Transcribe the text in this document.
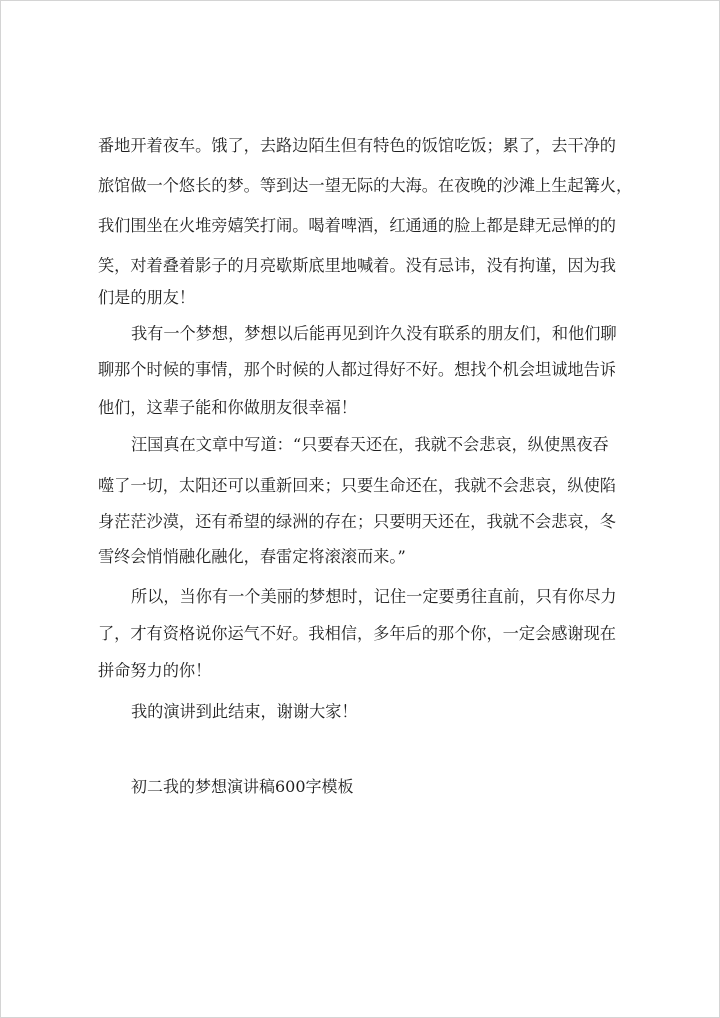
番地开着夜车。饿了，去路边陌生但有特色的饭馆吃饭；累了，去干净的

旅馆做一个悠长的梦。等到达一望无际的大海。在夜晚的沙滩上生起篝火，

我们围坐在火堆旁嬉笑打闹。喝着啤酒，红通通的脸上都是肆无忌惮的的

笑，对着叠着影子的月亮歇斯底里地喊着。没有忌讳，没有拘谨，因为我

们是的朋友！

我有一个梦想，梦想以后能再见到许久没有联系的朋友们，和他们聊

聊那个时候的事情，那个时候的人都过得好不好。想找个机会坦诚地告诉

他们，这辈子能和你做朋友很幸福！

汪国真在文章中写道：“只要春天还在，我就不会悲哀，纵使黑夜吞

噬了一切，太阳还可以重新回来；只要生命还在，我就不会悲哀，纵使陷

身茫茫沙漠，还有希望的绿洲的存在；只要明天还在，我就不会悲哀，冬

雪终会悄悄融化融化，春雷定将滚滚而来。”

所以，当你有一个美丽的梦想时，记住一定要勇往直前，只有你尽力

了，才有资格说你运气不好。我相信，多年后的那个你，一定会感谢现在

拼命努力的你！

我的演讲到此结束，谢谢大家！

初二我的梦想演讲稿600字模板
